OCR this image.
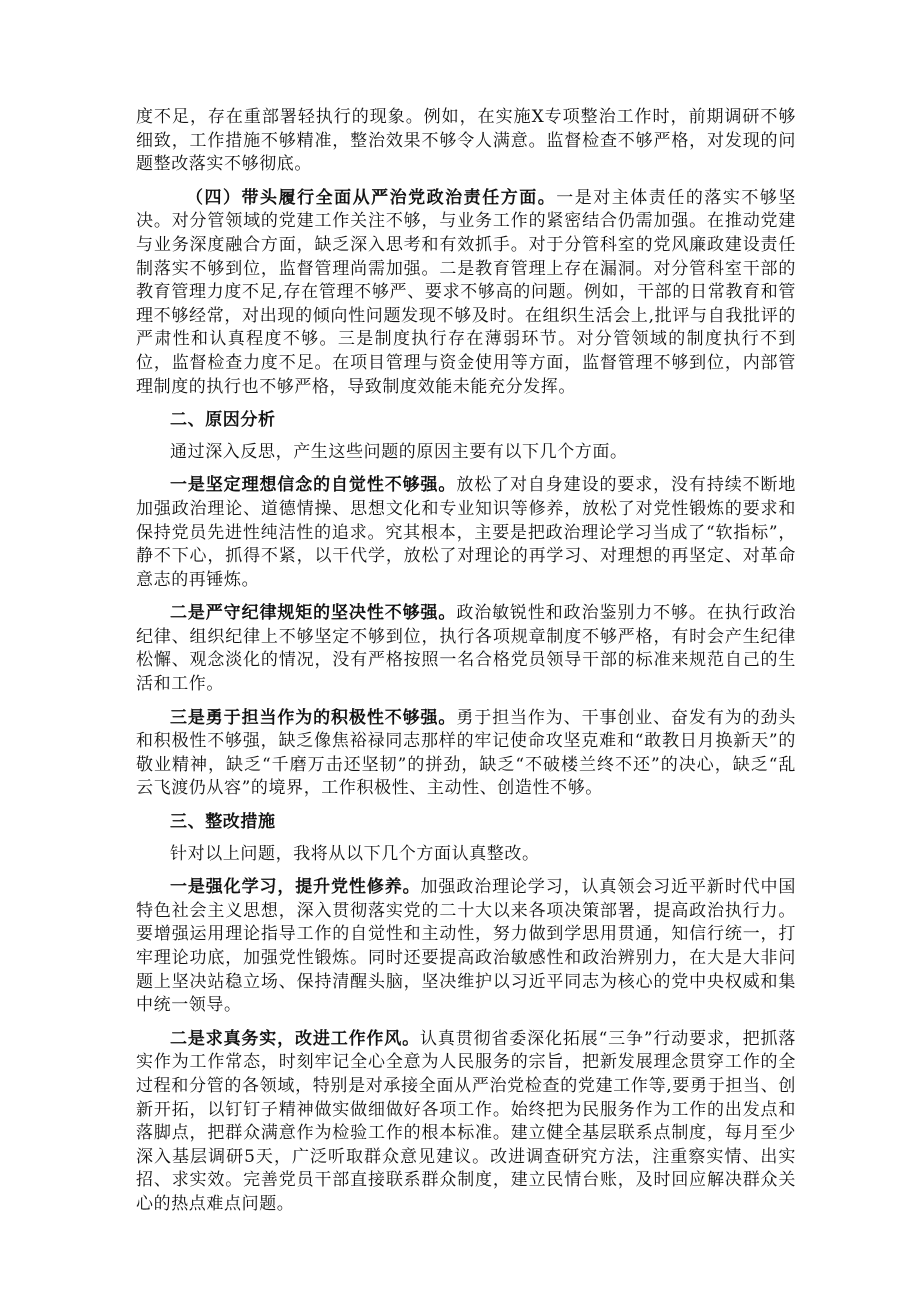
度不足，存在重部署轻执行的现象。例如，在实施X专项整治工作时，前期调研不够细致，工作措施不够精准，整治效果不够令人满意。监督检查不够严格，对发现的问题整改落实不够彻底。

（四）带头履行全面从严治党政治责任方面。一是对主体责任的落实不够坚决。对分管领域的党建工作关注不够，与业务工作的紧密结合仍需加强。在推动党建与业务深度融合方面，缺乏深入思考和有效抓手。对于分管科室的党风廉政建设责任制落实不够到位，监督管理尚需加强。二是教育管理上存在漏洞。对分管科室干部的教育管理力度不足,存在管理不够严、要求不够高的问题。例如，干部的日常教育和管理不够经常，对出现的倾向性问题发现不够及时。在组织生活会上,批评与自我批评的严肃性和认真程度不够。三是制度执行存在薄弱环节。对分管领域的制度执行不到位，监督检查力度不足。在项目管理与资金使用等方面，监督管理不够到位，内部管理制度的执行也不够严格，导致制度效能未能充分发挥。

二、原因分析

通过深入反思，产生这些问题的原因主要有以下几个方面。

一是坚定理想信念的自觉性不够强。放松了对自身建设的要求，没有持续不断地加强政治理论、道德情操、思想文化和专业知识等修养，放松了对党性锻炼的要求和保持党员先进性纯洁性的追求。究其根本，主要是把政治理论学习当成了“软指标”，静不下心，抓得不紧，以干代学，放松了对理论的再学习、对理想的再坚定、对革命意志的再锤炼。

二是严守纪律规矩的坚决性不够强。政治敏锐性和政治鉴别力不够。在执行政治纪律、组织纪律上不够坚定不够到位，执行各项规章制度不够严格，有时会产生纪律松懈、观念淡化的情况，没有严格按照一名合格党员领导干部的标准来规范自己的生活和工作。

三是勇于担当作为的积极性不够强。勇于担当作为、干事创业、奋发有为的劲头和积极性不够强，缺乏像焦裕禄同志那样的牢记使命攻坚克难和“敢教日月换新天”的敬业精神，缺乏“千磨万击还坚韧”的拼劲，缺乏“不破楼兰终不还”的决心，缺乏“乱云飞渡仍从容”的境界，工作积极性、主动性、创造性不够。

三、整改措施

针对以上问题，我将从以下几个方面认真整改。

一是强化学习，提升党性修养。加强政治理论学习，认真领会习近平新时代中国特色社会主义思想，深入贯彻落实党的二十大以来各项决策部署，提高政治执行力。要增强运用理论指导工作的自觉性和主动性，努力做到学思用贯通，知信行统一，打牢理论功底，加强党性锻炼。同时还要提高政治敏感性和政治辨别力，在大是大非问题上坚决站稳立场、保持清醒头脑，坚决维护以习近平同志为核心的党中央权威和集中统一领导。

二是求真务实，改进工作作风。认真贯彻省委深化拓展“三争”行动要求，把抓落实作为工作常态，时刻牢记全心全意为人民服务的宗旨，把新发展理念贯穿工作的全过程和分管的各领域，特别是对承接全面从严治党检查的党建工作等,要勇于担当、创新开拓，以钉钉子精神做实做细做好各项工作。始终把为民服务作为工作的出发点和落脚点，把群众满意作为检验工作的根本标准。建立健全基层联系点制度，每月至少深入基层调研5天，广泛听取群众意见建议。改进调查研究方法，注重察实情、出实招、求实效。完善党员干部直接联系群众制度，建立民情台账，及时回应解决群众关心的热点难点问题。
